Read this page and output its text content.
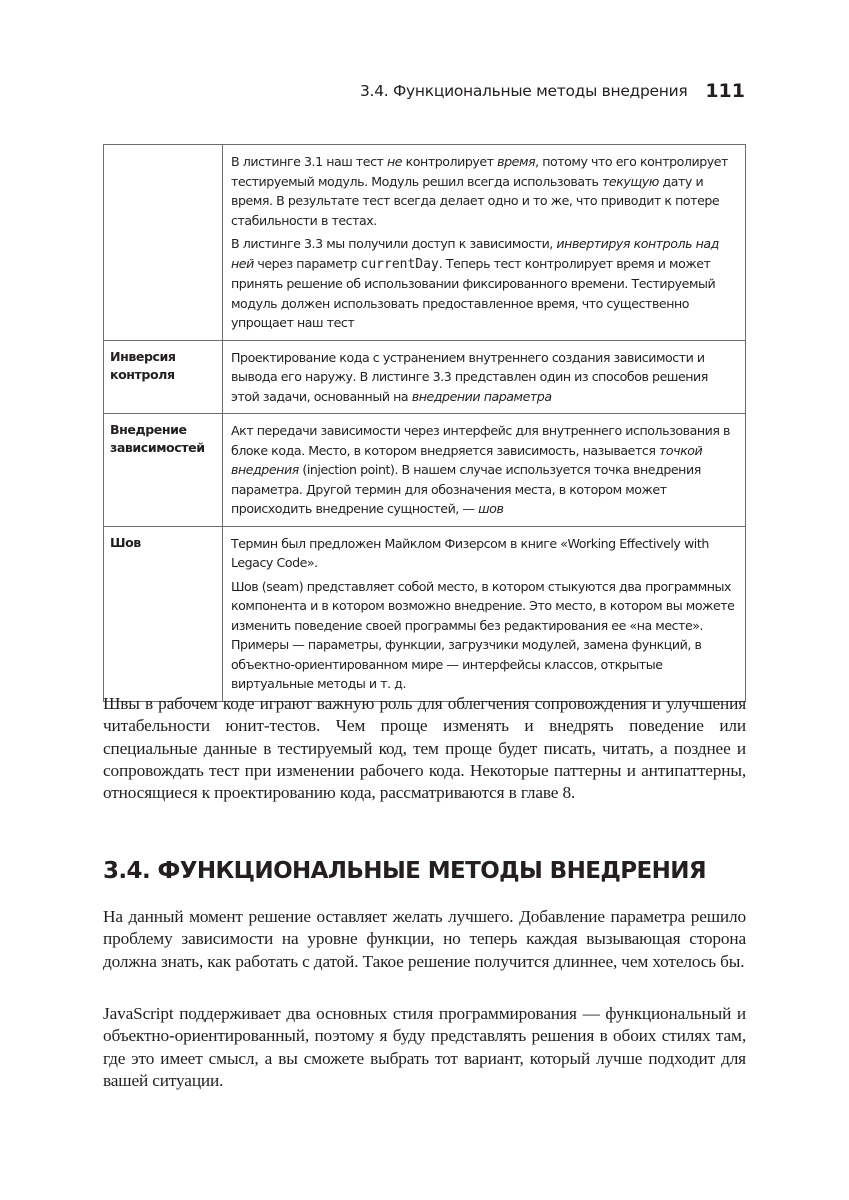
3.4. Функциональные методы внедрения 111

	В листинге 3.1 наш тест не контролирует время, потому что его контролирует тестируемый модуль. Модуль решил всегда использовать текущую дату и время. В результате тест всегда делает одно и то же, что приводит к потере стабильности в тестах.

В листинге 3.3 мы получили доступ к зависимости, инвертируя контроль над ней через параметр currentDay. Теперь тест контролирует время и может принять решение об использовании фиксированного времени. Тестируемый модуль должен использовать предоставленное время, что существенно упрощает наш тест

Инверсия контроля	Проектирование кода с устранением внутреннего создания зависимости и вывода его наружу. В листинге 3.3 представлен один из способов решения этой задачи, основанный на внедрении параметра

Внедрение зависимостей	Акт передачи зависимости через интерфейс для внутреннего использования в блоке кода. Место, в котором внедряется зависимость, называется точкой внедрения (injection point). В нашем случае используется точка внедрения параметра. Другой термин для обозначения места, в котором может происходить внедрение сущностей, — шов

Шов	Термин был предложен Майклом Физерсом в книге «Working Effectively with Legacy Code».

Шов (seam) представляет собой место, в котором стыкуются два программных компонента и в котором возможно внедрение. Это место, в котором вы можете изменить поведение своей программы без редактирования ее «на месте». Примеры — параметры, функции, загрузчики модулей, замена функций, в объектно-ориентированном мире — интерфейсы классов, открытые виртуальные методы и т. д.

Швы в рабочем коде играют важную роль для облегчения сопровождения и улучшения читабельности юнит-тестов. Чем проще изменять и внедрять поведение или специальные данные в тестируемый код, тем проще будет писать, читать, а позднее и сопровождать тест при изменении рабочего кода. Некоторые паттерны и антипаттерны, относящиеся к проектированию кода, рассматриваются в главе 8.

3.4. ФУНКЦИОНАЛЬНЫЕ МЕТОДЫ ВНЕДРЕНИЯ

На данный момент решение оставляет желать лучшего. Добавление параметра решило проблему зависимости на уровне функции, но теперь каждая вызывающая сторона должна знать, как работать с датой. Такое решение получится длиннее, чем хотелось бы.

JavaScript поддерживает два основных стиля программирования — функциональный и объектно-ориентированный, поэтому я буду представлять решения в обоих стилях там, где это имеет смысл, а вы сможете выбрать тот вариант, который лучше подходит для вашей ситуации.
